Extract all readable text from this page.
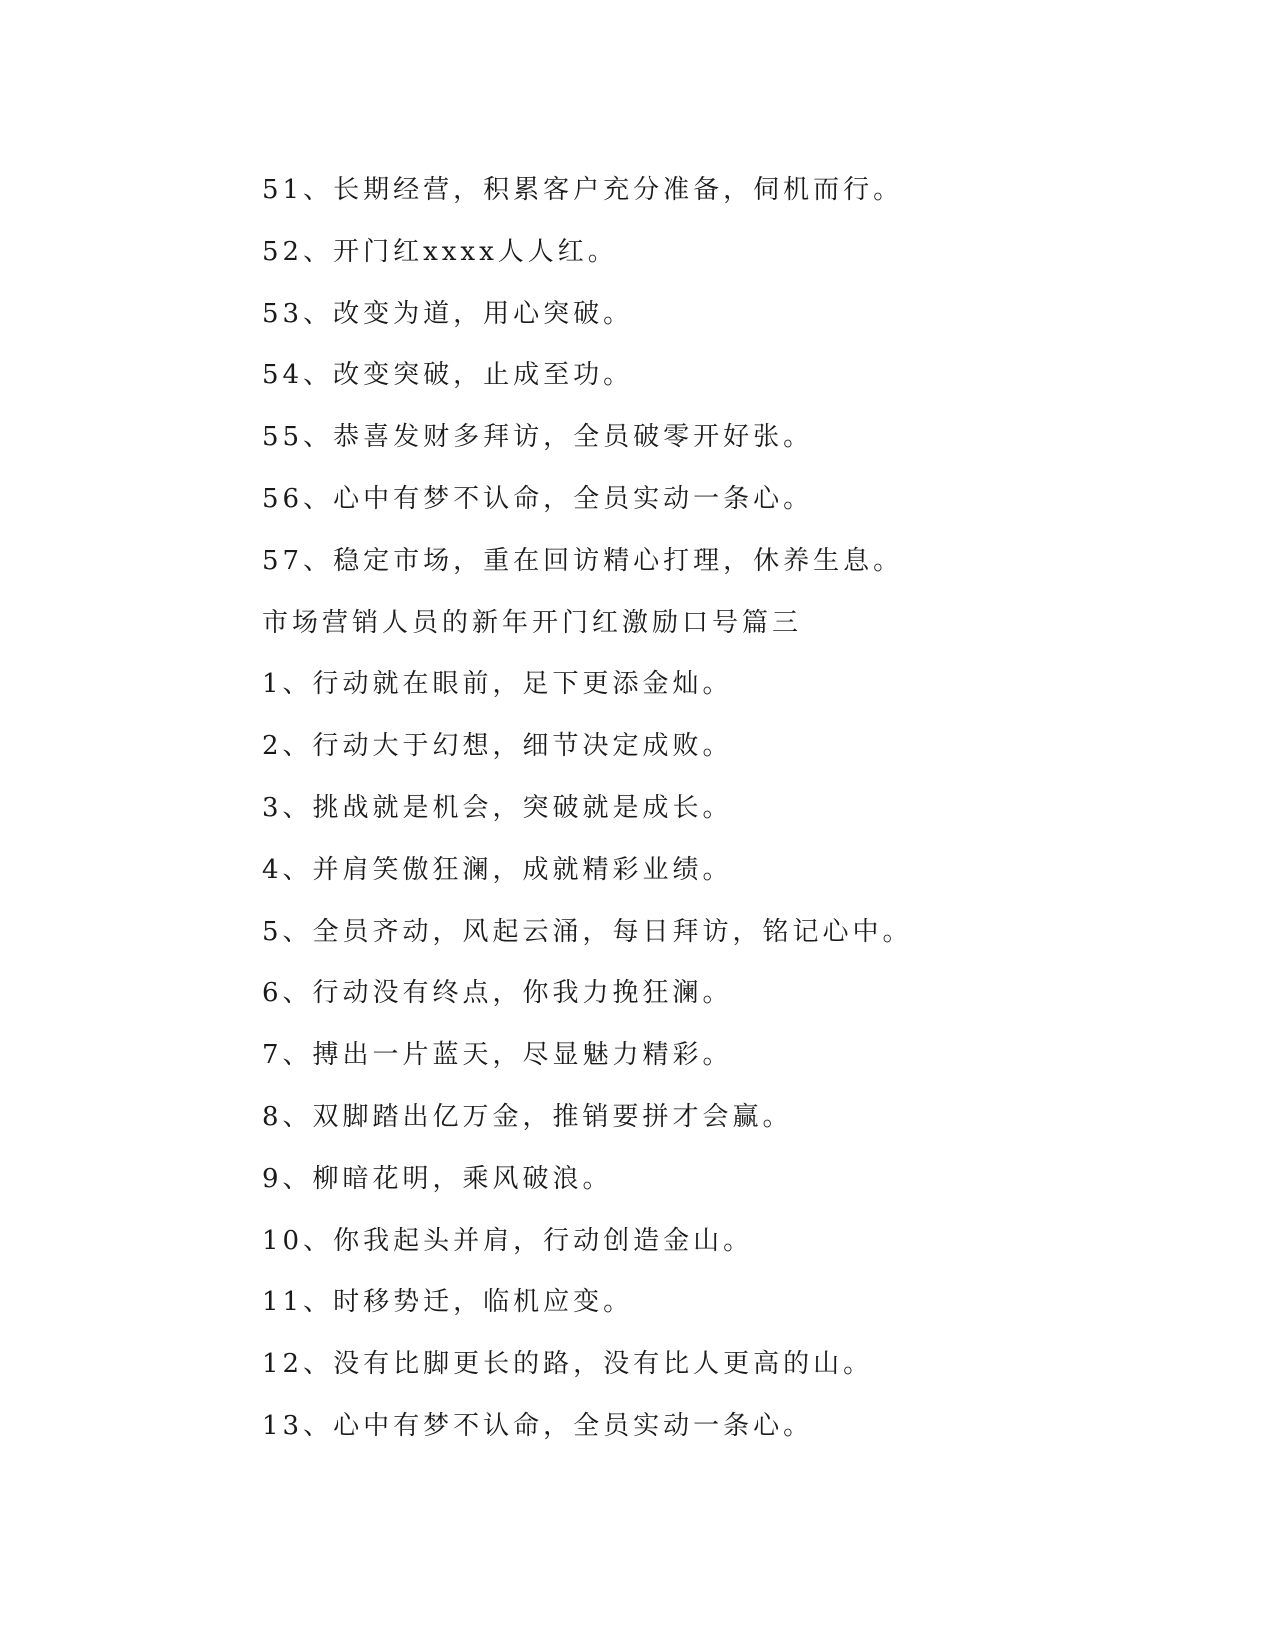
51、长期经营，积累客户充分准备，伺机而行。
52、开门红xxxx人人红。
53、改变为道，用心突破。
54、改变突破，止成至功。
55、恭喜发财多拜访，全员破零开好张。
56、心中有梦不认命，全员实动一条心。
57、稳定市场，重在回访精心打理，休养生息。
市场营销人员的新年开门红激励口号篇三
1、行动就在眼前，足下更添金灿。
2、行动大于幻想，细节决定成败。
3、挑战就是机会，突破就是成长。
4、并肩笑傲狂澜，成就精彩业绩。
5、全员齐动，风起云涌，每日拜访，铭记心中。
6、行动没有终点，你我力挽狂澜。
7、搏出一片蓝天，尽显魅力精彩。
8、双脚踏出亿万金，推销要拼才会赢。
9、柳暗花明，乘风破浪。
10、你我起头并肩，行动创造金山。
11、时移势迁，临机应变。
12、没有比脚更长的路，没有比人更高的山。
13、心中有梦不认命，全员实动一条心。
